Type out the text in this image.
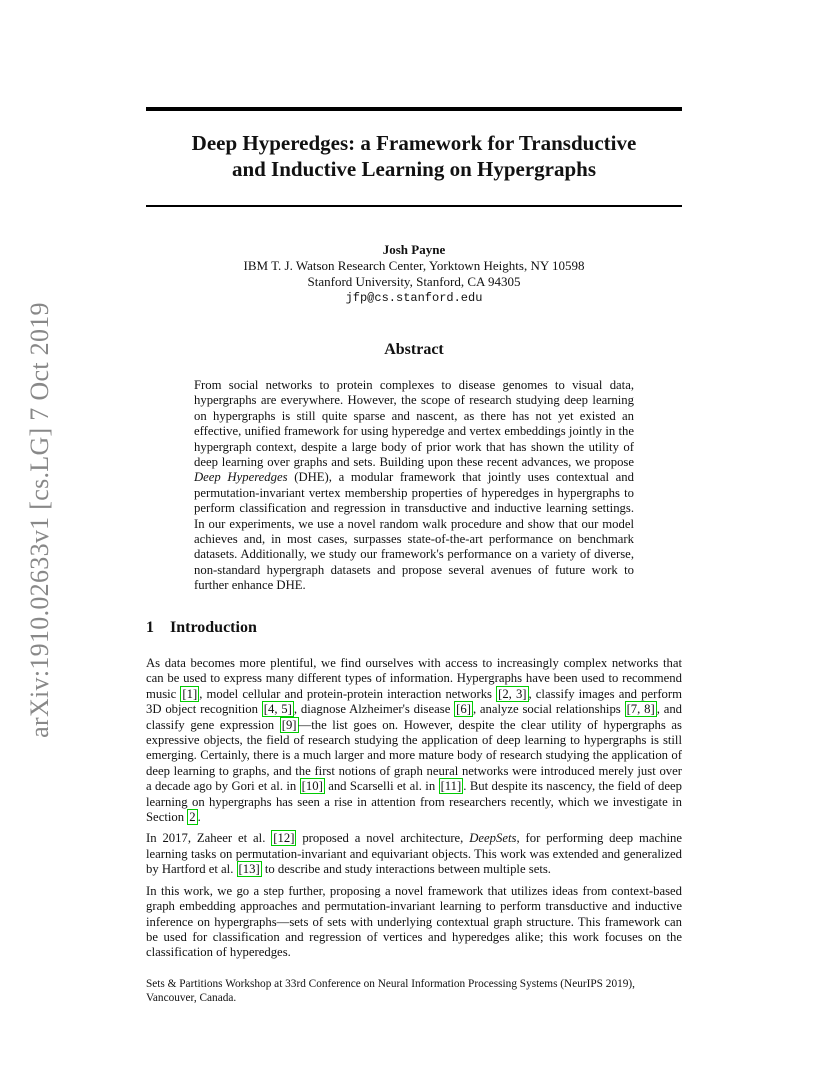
arXiv:1910.02633v1 [cs.LG] 7 Oct 2019
Deep Hyperedges: a Framework for Transductive
and Inductive Learning on Hypergraphs
Josh Payne
IBM T. J. Watson Research Center, Yorktown Heights, NY 10598
Stanford University, Stanford, CA 94305
jfp@cs.stanford.edu
Abstract
From social networks to protein complexes to disease genomes to visual data, hypergraphs are everywhere. However, the scope of research studying deep learning on hypergraphs is still quite sparse and nascent, as there has not yet existed an effective, unified framework for using hyperedge and vertex embeddings jointly in the hypergraph context, despite a large body of prior work that has shown the utility of deep learning over graphs and sets. Building upon these recent advances, we propose Deep Hyperedges (DHE), a modular framework that jointly uses contextual and permutation-invariant vertex membership properties of hyperedges in hypergraphs to perform classification and regression in transductive and inductive learning settings. In our experiments, we use a novel random walk procedure and show that our model achieves and, in most cases, surpasses state-of-the-art performance on benchmark datasets. Additionally, we study our framework's performance on a variety of diverse, non-standard hypergraph datasets and propose several avenues of future work to further enhance DHE.
1 Introduction

As data becomes more plentiful, we find ourselves with access to increasingly complex networks that can be used to express many different types of information. Hypergraphs have been used to recommend music [1] , model cellular and protein-protein interaction networks [2, 3] , classify images and perform 3D object recognition [4, 5] , diagnose Alzheimer's disease [6] , analyze social relationships [7, 8] , and classify gene expression [9] —the list goes on. However, despite the clear utility of hypergraphs as expressive objects, the field of research studying the application of deep learning to hypergraphs is still emerging. Certainly, there is a much larger and more mature body of research studying the application of deep learning to graphs, and the first notions of graph neural networks were introduced merely just over a decade ago by Gori et al. in [10] and Scarselli et al. in [11] . But despite its nascency, the field of deep learning on hypergraphs has seen a rise in attention from researchers recently, which we investigate in Section 2 .

In 2017, Zaheer et al. [12] proposed a novel architecture, DeepSets, for performing deep machine learning tasks on permutation-invariant and equivariant objects. This work was extended and generalized by Hartford et al. [13] to describe and study interactions between multiple sets.

In this work, we go a step further, proposing a novel framework that utilizes ideas from context-based graph embedding approaches and permutation-invariant learning to perform transductive and inductive inference on hypergraphs—sets of sets with underlying contextual graph structure. This framework can be used for classification and regression of vertices and hyperedges alike; this work focuses on the classification of hyperedges.

Sets & Partitions Workshop at 33rd Conference on Neural Information Processing Systems (NeurIPS 2019), Vancouver, Canada.
